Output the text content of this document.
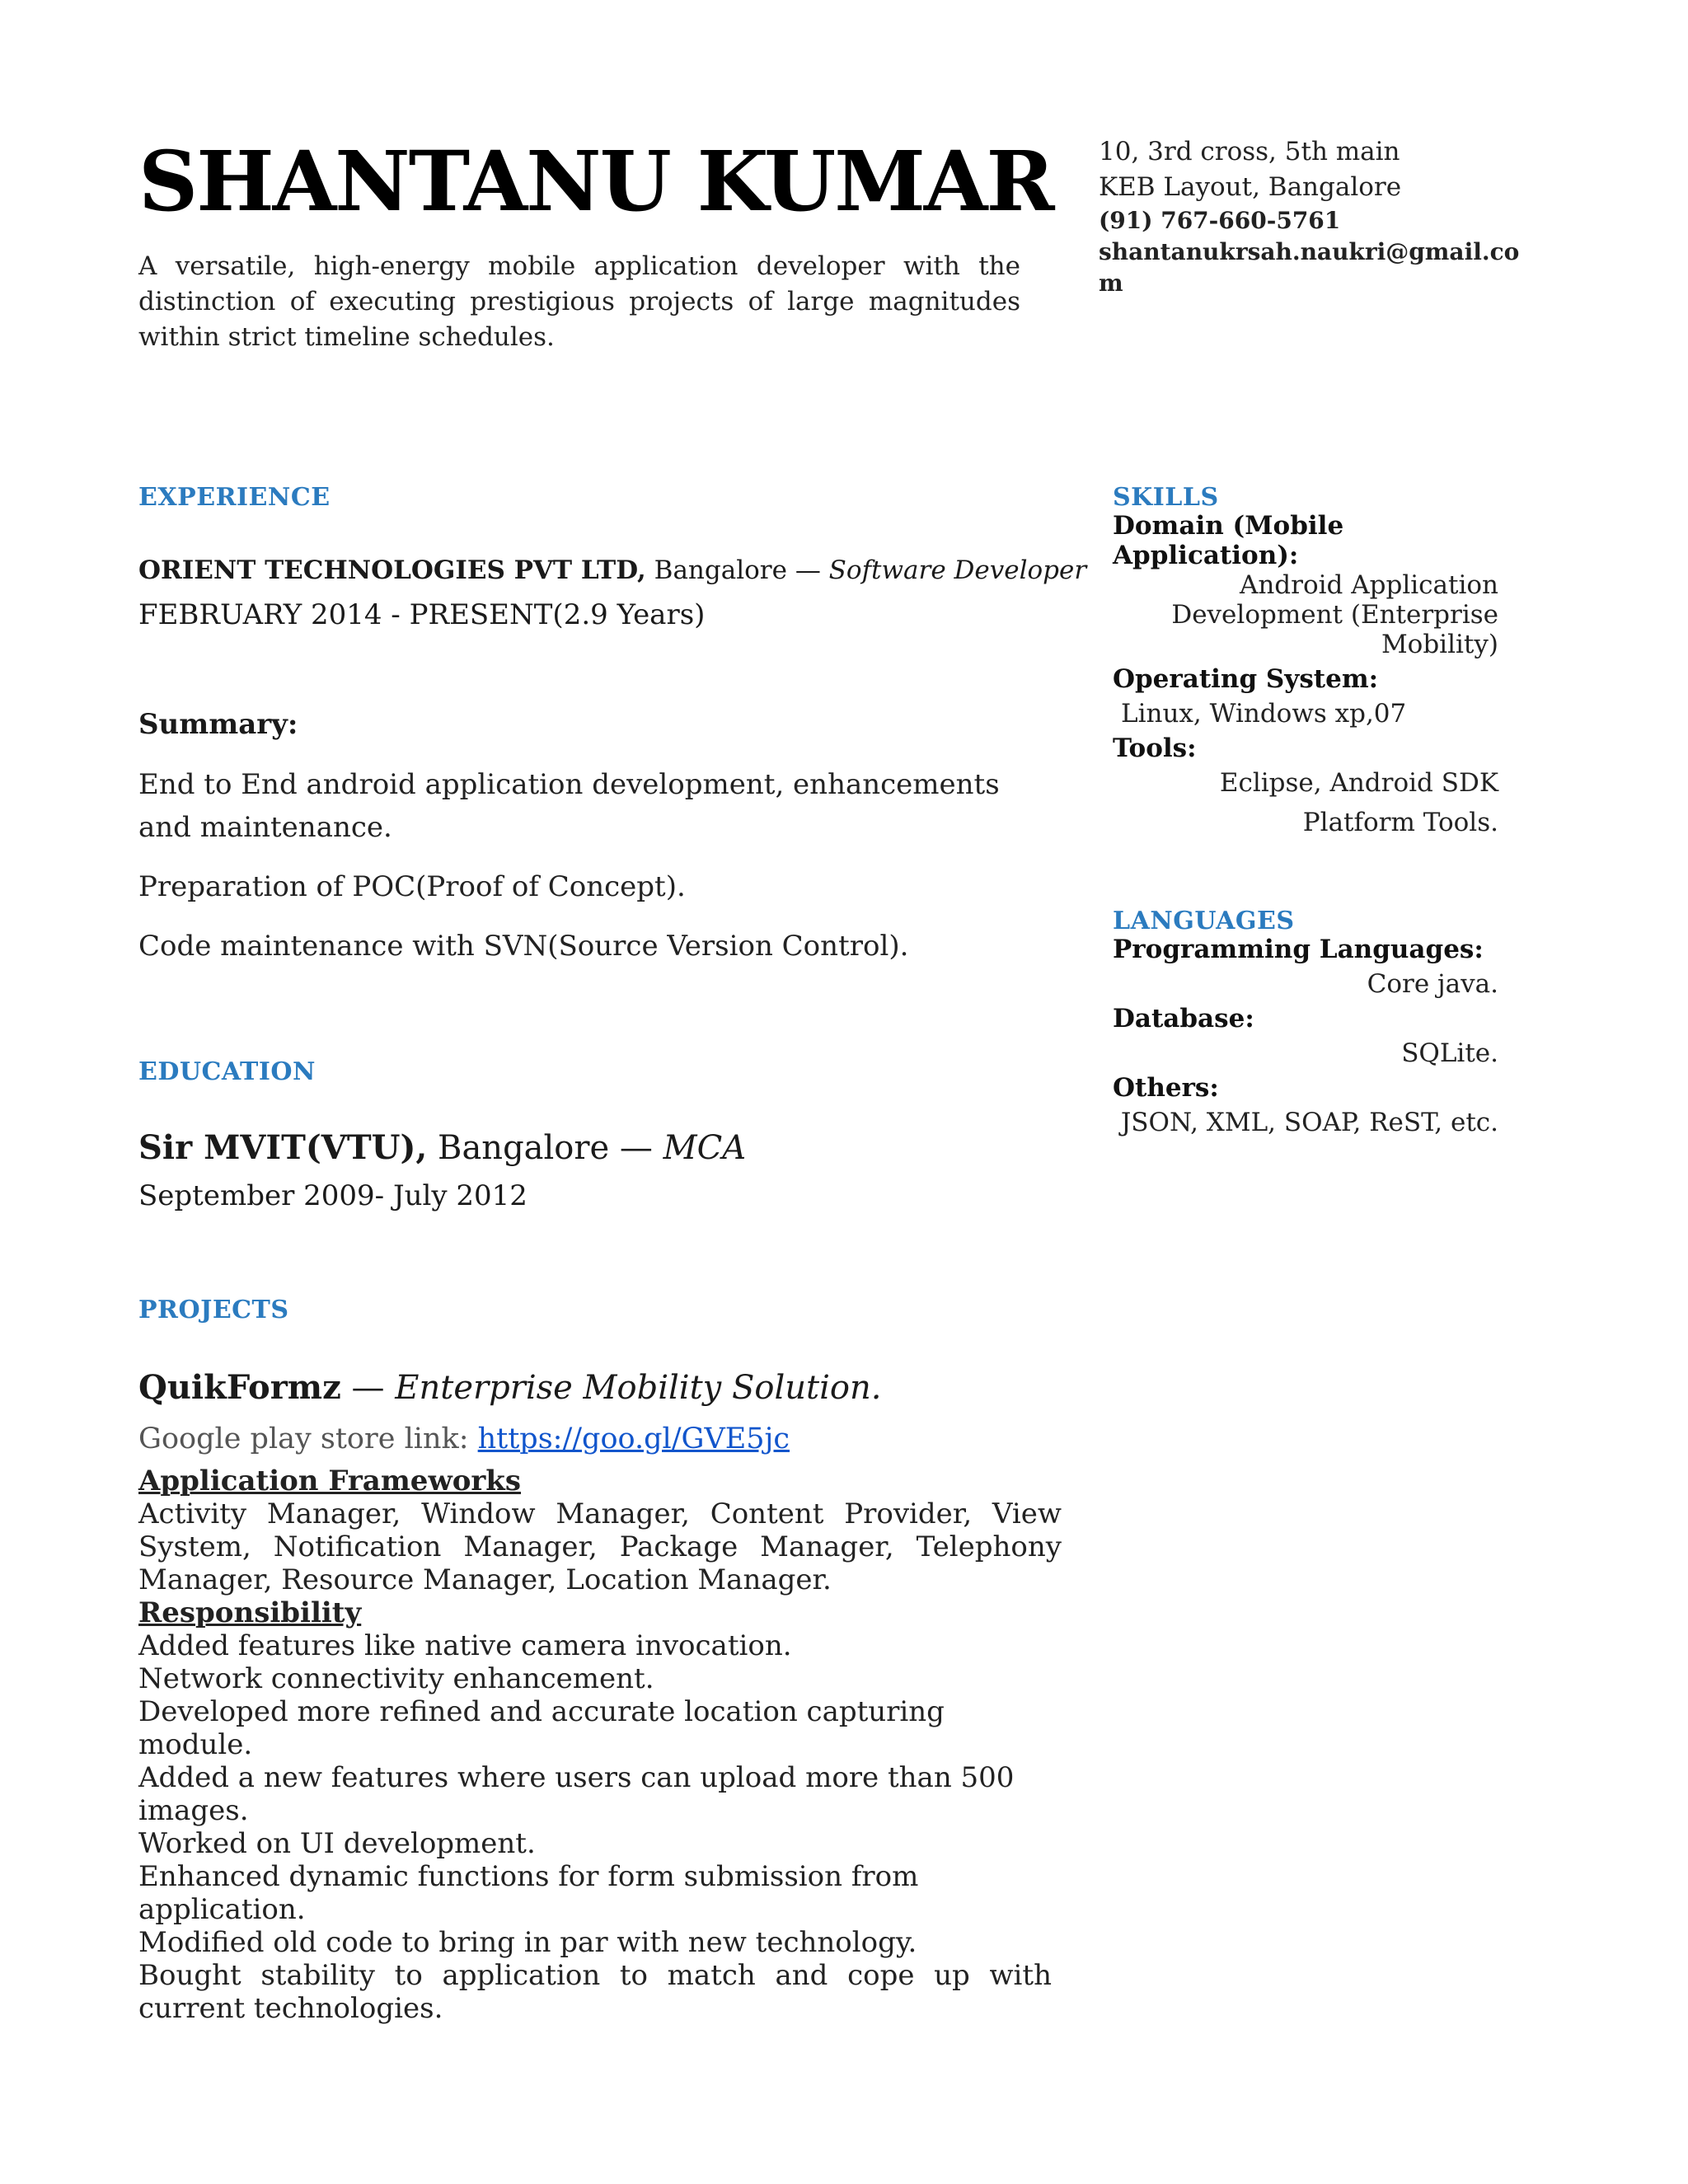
SHANTANU KUMAR
A versatile, high-energy mobile application developer with the distinction of executing prestigious projects of large magnitudes within strict timeline schedules.
10, 3rd cross, 5th main
KEB Layout, Bangalore
(91) 767-660-5761
shantanukrsah.naukri@gmail.com
EXPERIENCE
ORIENT TECHNOLOGIES PVT LTD, Bangalore — Software Developer
FEBRUARY 2014 - PRESENT(2.9 Years)
Summary:
End to End android application development, enhancements and maintenance.
Preparation of POC(Proof of Concept).
Code maintenance with SVN(Source Version Control).
EDUCATION
Sir MVIT(VTU), Bangalore — MCA
September 2009- July 2012
PROJECTS
QuikFormz — Enterprise Mobility Solution.
Google play store link: https://goo.gl/GVE5jc
Application Frameworks
Activity Manager, Window Manager, Content Provider, View System, Notification Manager, Package Manager, Telephony Manager, Resource Manager, Location Manager.
Responsibility
Added features like native camera invocation.
Network connectivity enhancement.
Developed more refined and accurate location capturing module.
Added a new features where users can upload more than 500 images.
Worked on UI development.
Enhanced dynamic functions for form submission from application.
Modified old code to bring in par with new technology.
Bought stability to application to match and cope up with current technologies.
SKILLS
Domain (Mobile Application):
Android Application Development (Enterprise Mobility)
Operating System:
Linux, Windows xp,07
Tools:
Eclipse, Android SDK Platform Tools.
LANGUAGES
Programming Languages:
Core java.
Database:
SQLite.
Others:
JSON, XML, SOAP, ReST, etc.
